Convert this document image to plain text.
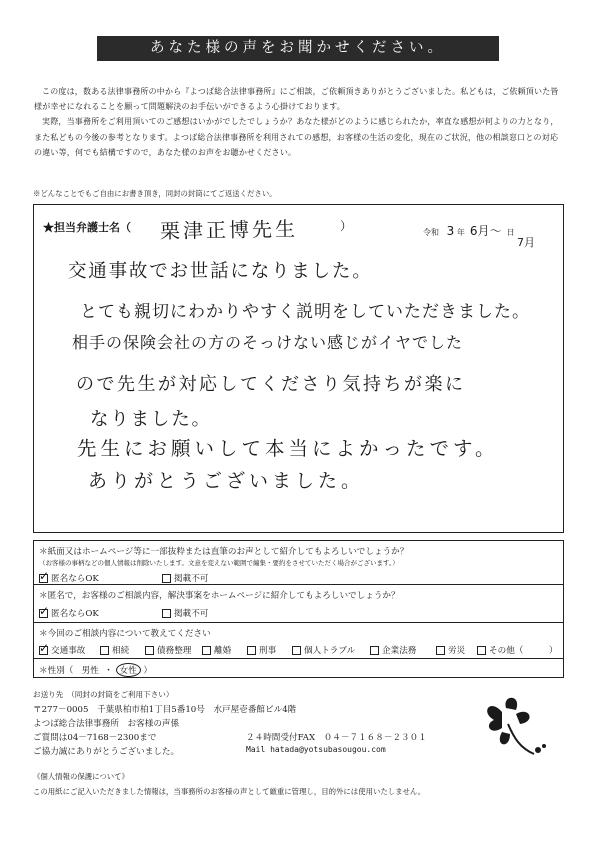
あなた様の声をお聞かせください。

この度は，数ある法律事務所の中から『よつば総合法律事務所』にご相談，ご依頼頂きありがとうございました。私どもは，ご依頼頂いた皆様が幸せになれることを願って問題解決のお手伝いができるよう心掛けております。

実際，当事務所をご利用頂いてのご感想はいかがでしたでしょうか？あなた様がどのように感じられたか，率直な感想が何よりの力となり，また私どもの今後の参考となります。よつば総合法律事務所を利用されての感想，お客様の生活の変化，現在のご状況，他の相談窓口との対応の違い等，何でも結構ですので，あなた様のお声をお聴かせください。

※どんなことでもご自由にお書き頂き，同封の封筒にてご返送ください。
★担当弁護士名（ 栗津正博先生	）	令和 3 年 6月～ 日
7月
交通事故でお世話になりました。
とても親切にわかりやすく説明をしていただきました。
相手の保険会社の方のそっけない感じがイヤでした
ので先生が対応してくださり気持ちが楽に
なりました。
先生にお願いして本当によかったです。
ありがとうございました。
＊紙面又はホームページ等に一部抜粋または直筆のお声として紹介してもよろしいでしょうか？
（お客様の事柄などの個人情報は削除いたします。文意を変えない範囲で編集・要約をさせていただく場合がございます。）
✓
匿名ならOK	掲載不可
＊匿名で，お客様のご相談内容，解決事案をホームページに紹介してもよろしいでしょうか？
✓
匿名ならOK	掲載不可
＊今回のご相談内容について教えてください
✓
交通事故	相続	債務整理	離婚	刑事	個人トラブル	企業法務	労災	その他（	）
＊性別（ 男性 ・ 女性 ）
お送り先　（同封の封筒をご利用下さい）
〒277－0005　千葉県柏市柏1丁目5番10号　水戸屋壱番館ビル4階
よつば総合法律事務所　お客様の声係
ご質問は04－7168－2300まで	２４時間受付FAX　０４－７１６８－２３０１
ご協力誠にありがとうございました。	Mail hatada@yotsubasougou.com
《個人情報の保護について》
この用紙にご記入いただきました情報は，当事務所のお客様の声として厳重に管理し，目的外には使用いたしません。
